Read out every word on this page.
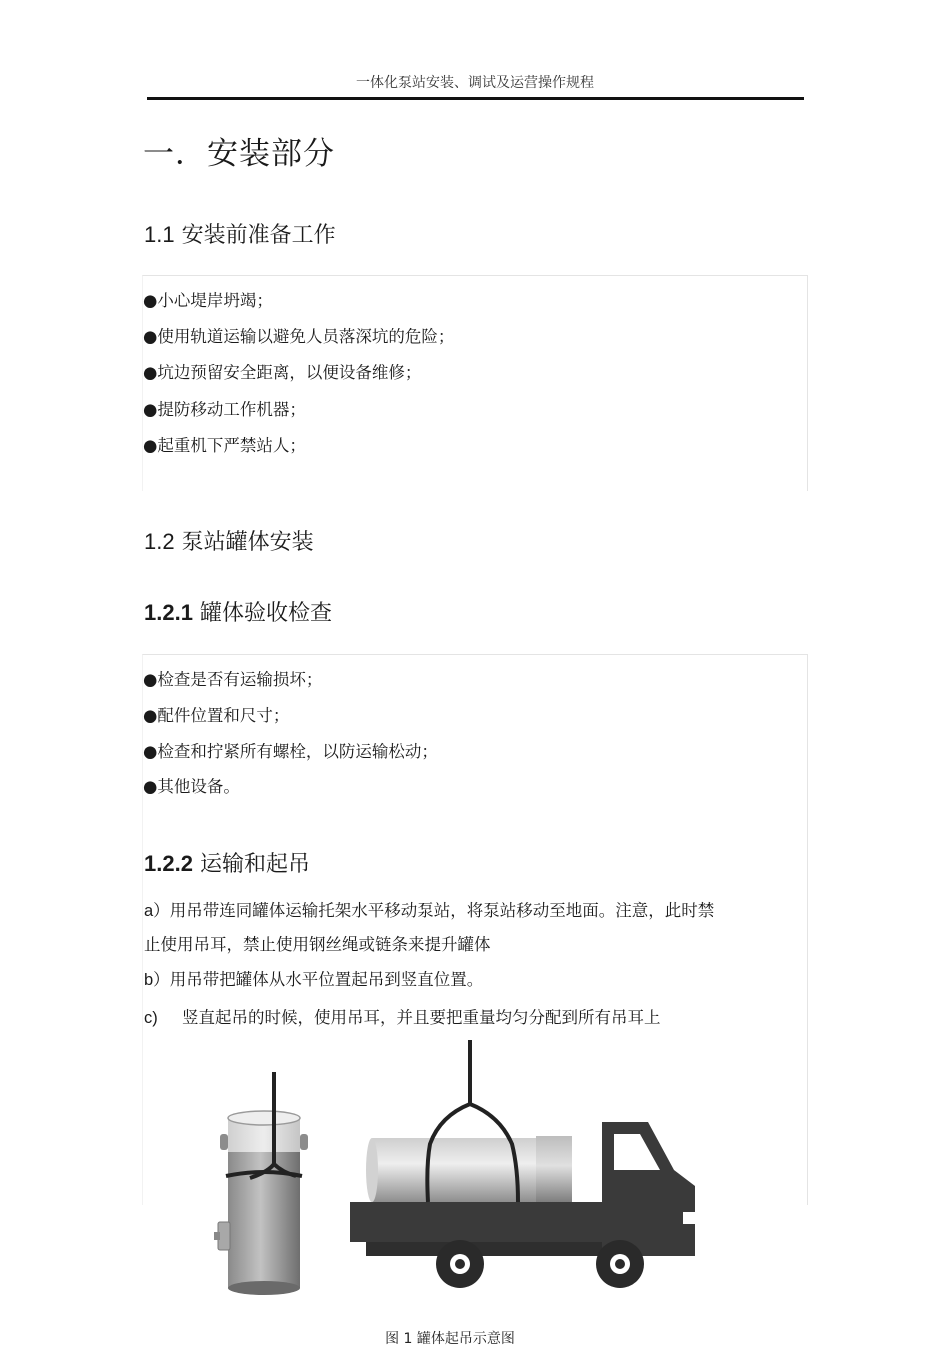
一体化泵站安装、调试及运营操作规程
一．安装部分
1.1 安装前准备工作
●小心堤岸坍竭；
●使用轨道运输以避免人员落深坑的危险；
●坑边预留安全距离，以便设备维修；
●提防移动工作机器；
●起重机下严禁站人；
1.2 泵站罐体安装
1.2.1 罐体验收检查
●检查是否有运输损坏；
●配件位置和尺寸；
●检查和拧紧所有螺栓，以防运输松动；
●其他设备。
1.2.2 运输和起吊
a）用吊带连同罐体运输托架水平移动泵站，将泵站移动至地面。注意，此时禁
止使用吊耳，禁止使用钢丝绳或链条来提升罐体
b）用吊带把罐体从水平位置起吊到竖直位置。
c) 竖直起吊的时候，使用吊耳，并且要把重量均匀分配到所有吊耳上
图 1 罐体起吊示意图
